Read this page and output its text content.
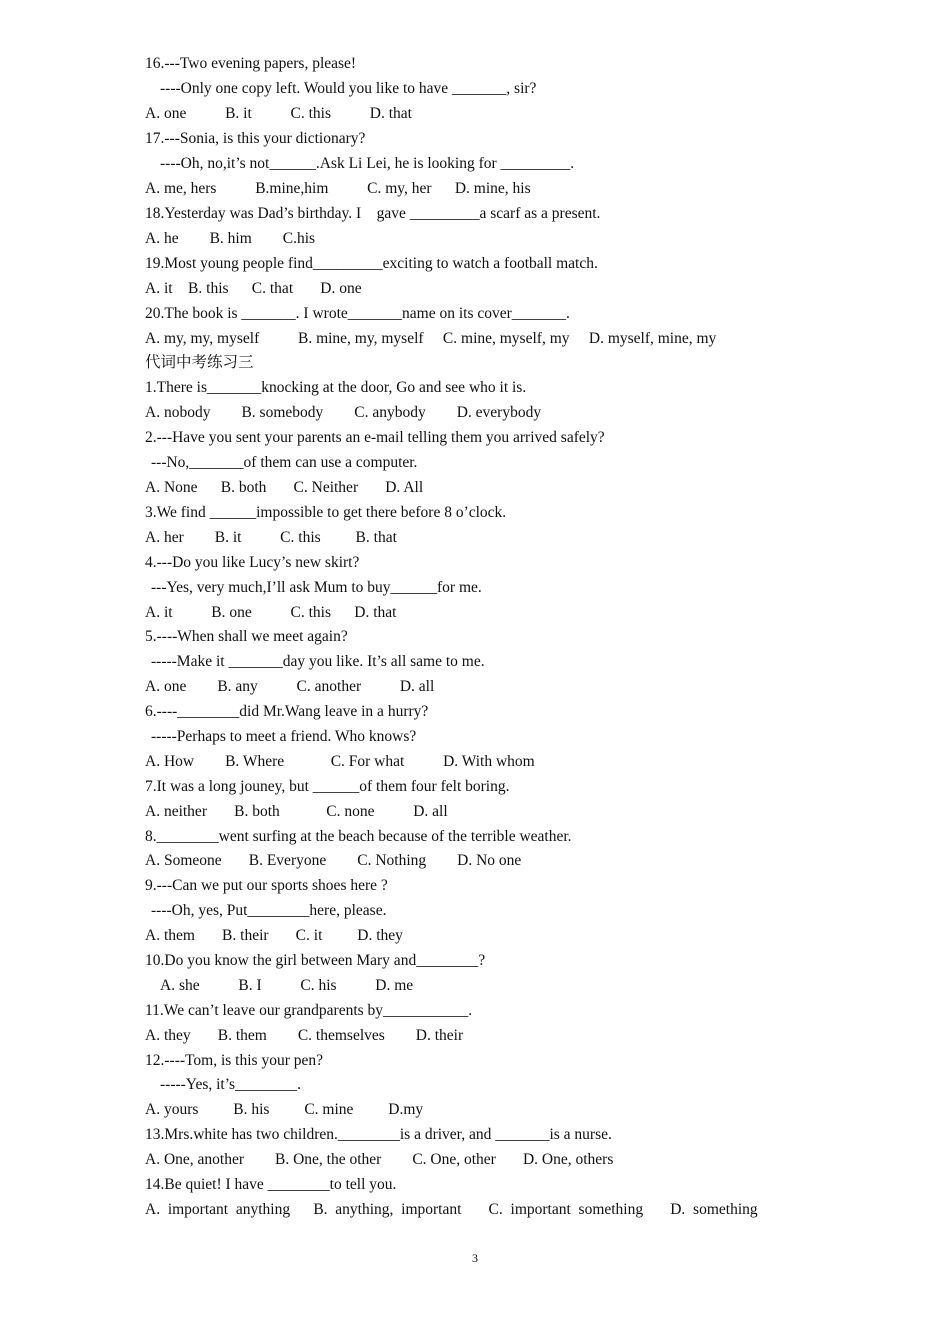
16.---Two evening papers, please!
----Only one copy left. Would you like to have _______, sir?
A. one          B. it          C. this          D. that
17.---Sonia, is this your dictionary?
----Oh, no,it’s not______.Ask Li Lei, he is looking for _________.
A. me, hers          B.mine,him          C. my, her      D. mine, his
18.Yesterday was Dad’s birthday. I    gave _________a scarf as a present.
A. he        B. him        C.his
19.Most young people find_________exciting to watch a football match.
A. it    B. this      C. that       D. one
20.The book is _______. I wrote_______name on its cover_______.
A. my, my, myself          B. mine, my, myself     C. mine, myself, my     D. myself, mine, my
代词中考练习三
1.There is_______knocking at the door, Go and see who it is.
A. nobody        B. somebody        C. anybody        D. everybody
2.---Have you sent your parents an e-mail telling them you arrived safely?
---No,_______of them can use a computer.
A. None      B. both       C. Neither       D. All
3.We find ______impossible to get there before 8 o’clock.
A. her        B. it          C. this         B. that
4.---Do you like Lucy’s new skirt?
---Yes, very much,I’ll ask Mum to buy______for me.
A. it          B. one          C. this      D. that
5.----When shall we meet again?
-----Make it _______day you like. It’s all same to me.
A. one        B. any          C. another          D. all
6.----________did Mr.Wang leave in a hurry?
-----Perhaps to meet a friend. Who knows?
A. How        B. Where            C. For what          D. With whom
7.It was a long jouney, but ______of them four felt boring.
A. neither       B. both            C. none          D. all
8.________went surfing at the beach because of the terrible weather.
A. Someone       B. Everyone        C. Nothing        D. No one
9.---Can we put our sports shoes here ?
----Oh, yes, Put________here, please.
A. them       B. their       C. it         D. they
10.Do you know the girl between Mary and________?
A. she          B. I          C. his          D. me
11.We can’t leave our grandparents by___________.
A. they       B. them        C. themselves        D. their
12.----Tom, is this your pen?
-----Yes, it’s________.
A. yours         B. his         C. mine         D.my
13.Mrs.white has two children.________is a driver, and _______is a nurse.
A. One, another        B. One, the other        C. One, other       D. One, others
14.Be quiet! I have ________to tell you.
A.  important  anything      B.  anything,  important       C.  important  something       D.  something
3
